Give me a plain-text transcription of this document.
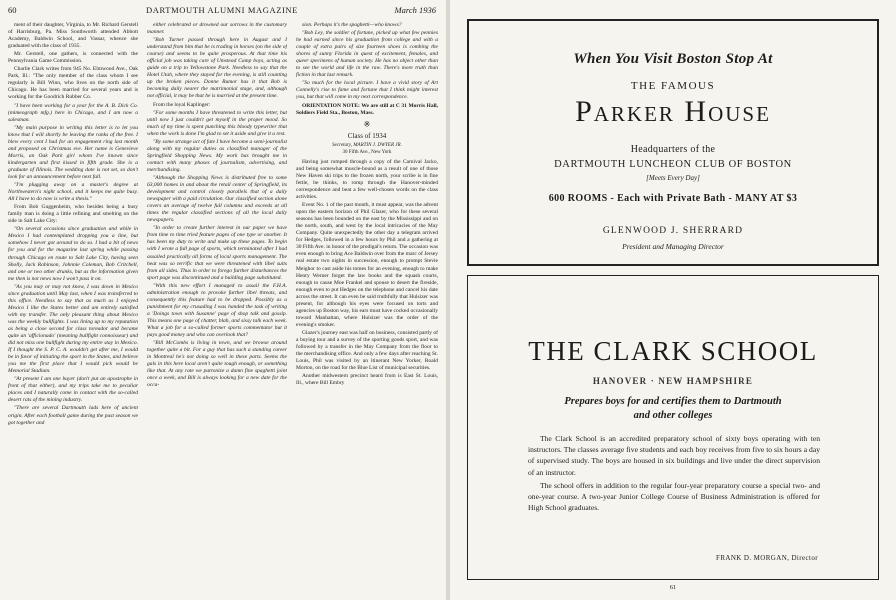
60	DARTMOUTH ALUMNI MAGAZINE	March 1936

ment of their daughter, Virginia, to Mr. Richard Gerstell of Harrisburg, Pa. Miss Southworth attended Abbott Academy, Baldwin School, and Vassar, whence she graduated with the class of 1935.

Mr. Gerstell, one gathers, is connected with the Pennsylvania Game Commission.

Charlie Clark writes from 945 No. Elmwood Ave., Oak Park, Ill.: "The only member of the class whom I see regularly is Bill Winn, who lives on the north side of Chicago. He has been married for several years and is working for the Goodrich Rubber Co.

"I have been working for a year for the A. B. Dick Co. (mimeograph mfg.) here in Chicago, and I am now a salesman.

"My main purpose in writing this letter is to let you know that I will shortly be leaving the ranks of the free. I blew every cent I had for an engagement ring last month and proposed on Christmas eve. Her name is Genevieve Morris, an Oak Park girl whom I've known since kindergarten and first kissed in fifth grade. She is a graduate of Illinois. The wedding date is not set, so don't look for an announcement before next fall.

"I'm plugging away on a master's degree at Northwestern's night school, and it keeps me quite busy. All I have to do now is write a thesis."

From Bob Guggenheim, who besides being a busy family man is doing a little refining and smelting on the side in Salt Lake City:

"On several occasions since graduation and while in Mexico I had contemplated dropping you a line, but somehow I never got around to do so. I had a bit of news for you and for the magazine last spring while passing through Chicago en route to Salt Lake City, having seen Sholly, Jack Robinson, Johnnie Coleman, Bob Critchell, and one or two other drunks, but as the information given me then is not news now I won't pass it on.

"As you may or may not know, I was down in Mexico since graduation until May last, when I was transferred to this office. Needless to say that as much as I enjoyed Mexico I like the States better and am entirely satisfied with my transfer. The only pleasant thing about Mexico was the weekly bullfights. I was lining up to my reputation as being a close second for class toreador and became quite an 'afficionado' (meaning bullfight connoisseur) and did not miss one bullfight during my entire stay in Mexico. If I thought the S. P. C. A. wouldn't get after me, I would be in favor of initiating the sport in the States, and believe you me the first place that I would pick would be Memorial Stadium.

"At present I am one buyer (don't put an apostrophe in front of that either), and my trips take me to peculiar places and I naturally come in contact with the so-called desert rats of the mining industry.

"There are several Dartmouth lads here of ancient origin. After each football game during the past season we got together and

either celebrated or drowned our sorrows in the customary manner.

"Bob Turner passed through here in August and I understand from him that he is trading in horses (on the side of course) and seems to be quite prosperous. At that time his official job was taking care of Umstead Camp boys, acting as guide on a trip to Yellowstone Park. Needless to say that the Hotel Utah, where they stayed for the evening, is still counting up the broken pieces. Donne Rumor has it that Bob is becoming daily nearer the matrimonial stage, and, although not official, it may be that he is married at the present time.

From the loyal Kaplinger:

"For some months I have threatened to write this letter, but until now I just couldn't get myself in the proper mood. So much of my time is spent punching this bloody typewriter that when the work is done I'm glad to set it aside and give it a rest.

"By some strange act of fate I have become a semi-journalist along with my regular duties as classified manager of the Springfield Shopping News. My work has brought me in contact with many phases of journalism, advertising, and merchandising.

"Although the Shopping News is distributed free to some 63,000 homes in and about the retail center of Springfield, its development and control closely parallels that of a daily newspaper with a paid circulation. Our classified section alone covers an average of twelve full columns and exceeds at all times the regular classified sections of all the local daily newspapers.

"In order to create further interest in our paper we have from time to time tried feature pages of one type or another. It has been my duty to write and make up these pages. To begin with I wrote a full page of sports, which terminated after I had assailed practically all forms of local sports management. The heat was so terrific that we were threatened with libel suits from all sides. Thus in order to forego further disturbances the sport page was discontinued and a building page substituted.

"With this new effort I managed to assail the F.H.A. administration enough to provoke further libel threats, and consequently this feature had to be dropped. Possibly as a punishment for my crusading I was handed the task of writing a 'Doings town with Susanne' page of shop talk and gossip. This means one page of chatter, blah, and sissy talk each week. What a job for a so-called former sports commentator but it pays good money and who can overlook that?

"Bill McCombs is living in town, and we browse around together quite a bit. For a guy that has such a standing career in Montreal he's not doing so well in these parts. Seems the gals in this here local aren't quite tough enough, or something like that. At any rate we patronize a damn fine spaghetti joint once a week, and Bill is always looking for a new date for the occa-

sion. Perhaps it's the spaghetti—who knows?

"Bob Ley, the soldier of fortune, picked up what few pennies he had earned since his graduation from college and with a couple of extra pairs of size fourteen shoes is combing the shores of sunny Florida in quest of excitement, females, and queer specimens of human society. He has no object other than to see the world and life in the raw. There's more truth than fiction in that last remark.

"So much for the local picture. I have a vivid story of Art Connelly's rise to fame and fortune that I think might interest you, but that will come in my next correspondence.

ORIENTATION NOTE: We are still at C 31 Morris Hall, Soldiers Field Sta., Boston, Mass.

※

Class of 1934

Secretary, MARTIN J. DWYER JR.

30 Fifth Ave., New York

Having just romped through a copy of the Carnival Jacko, and being somewhat muscle-bound as a result of one of those New Haven ski trips to the frozen north, your scribe is in fine fettle, be thinks, to romp through the Hanover-minded correspondence and beat a few well-chosen words on the class activities.

Event No. 1 of the past month, it must appear, was the advent upon the eastern horizon of Phil Glazer, who for these several seasons has been bounded on the east by the Mississippi and on the north, south, and west by the local intricacies of the May Company. Quite unexpectedly the other day a telegram arrived for Hedges, followed in a few hours by Phil and a gathering at 30 Fifth Ave. in honor of the prodigal's return. The occasion was even enough to bring Ace Baldwin over from the marc of Jersey real estate two nights in succession, enough to prompt Stevie Meighor to cast aside his tomes for an evening, enough to make Henry Werner forget the law books and the squash courts, enough to cause Moe Frankel and spouse to desert the fireside, enough even to put Hedges on the telephone and cancel his date across the street. It can even be said truthfully that Hulsizer was present, for although his eyes were focused on torts and agencies up Boston way, his ears must have cocked occasionally toward Manhattan, where Hulsizer was the order of the evening's smoker.

Glazer's journey east was half on business, consisted partly of a buying tour and a survey of the sporting goods sport, and was followed by a transfer in the May Company from the floor to the merchandising office. And only a few days after reaching St. Louis, Phil was visited by an itinerant New Yorker, Roald Morton, on the road for the Blue List of municipal securities.

Another midwestern precinct heard from is East St. Louis, Ill., where Bill Embry

When You Visit Boston Stop At
THE FAMOUS
Parker House
Headquarters of the
DARTMOUTH LUNCHEON CLUB OF BOSTON
[Meets Every Day]
600 ROOMS - Each with Private Bath - MANY AT $3
GLENWOOD J. SHERRARD
President and Managing Director
THE CLARK SCHOOL
HANOVER · NEW HAMPSHIRE
Prepares boys for and certifies them to Dartmouth
and other colleges

The Clark School is an accredited preparatory school of sixty boys operating with ten instructors. The classes average five students and each boy receives from five to six hours a day of supervised study. The boys are housed in six buildings and live under the direct supervision of an instructor.

The school offers in addition to the regular four-year preparatory course a special two- and one-year course. A two-year Junior College Course of Business Administration is offered for High School graduates.

FRANK D. MORGAN, Director
61
